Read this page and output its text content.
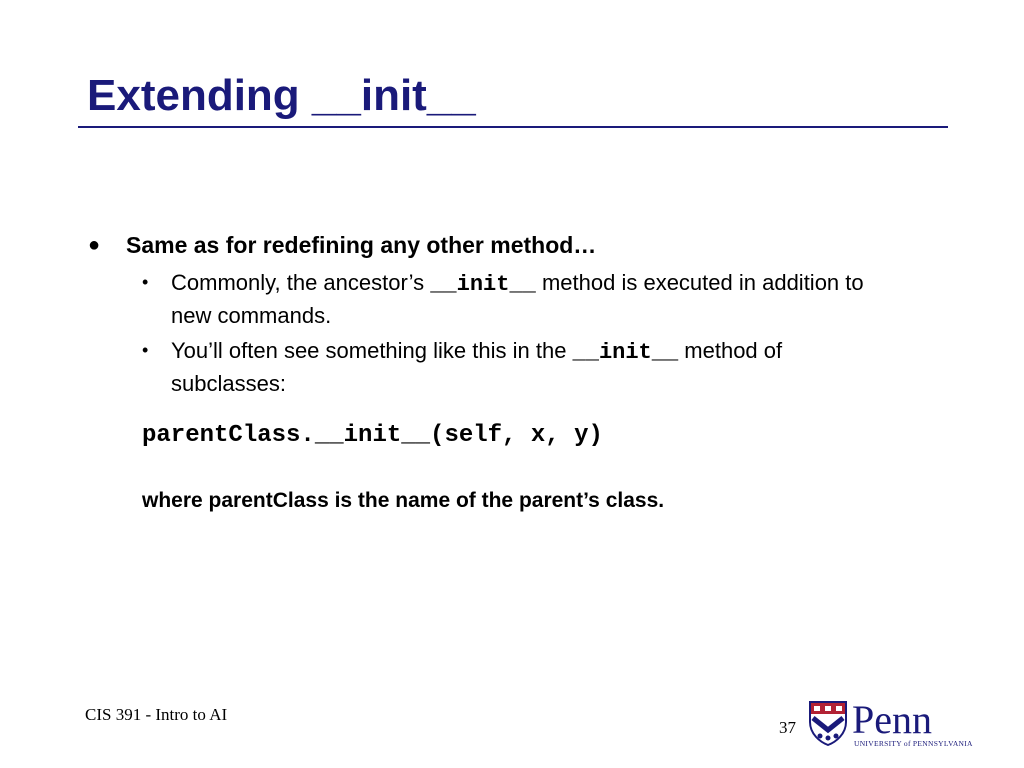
Extending __init__
● Same as for redefining any other method…
• Commonly, the ancestor’s __init__ method is executed in addition to new commands.
• You’ll often see something like this in the __init__ method of subclasses:
parentClass.__init__(self, x, y)
where parentClass is the name of the parent’s class.
CIS 391 - Intro to AI
37 Penn
UNIVERSITY of PENNSYLVANIA
